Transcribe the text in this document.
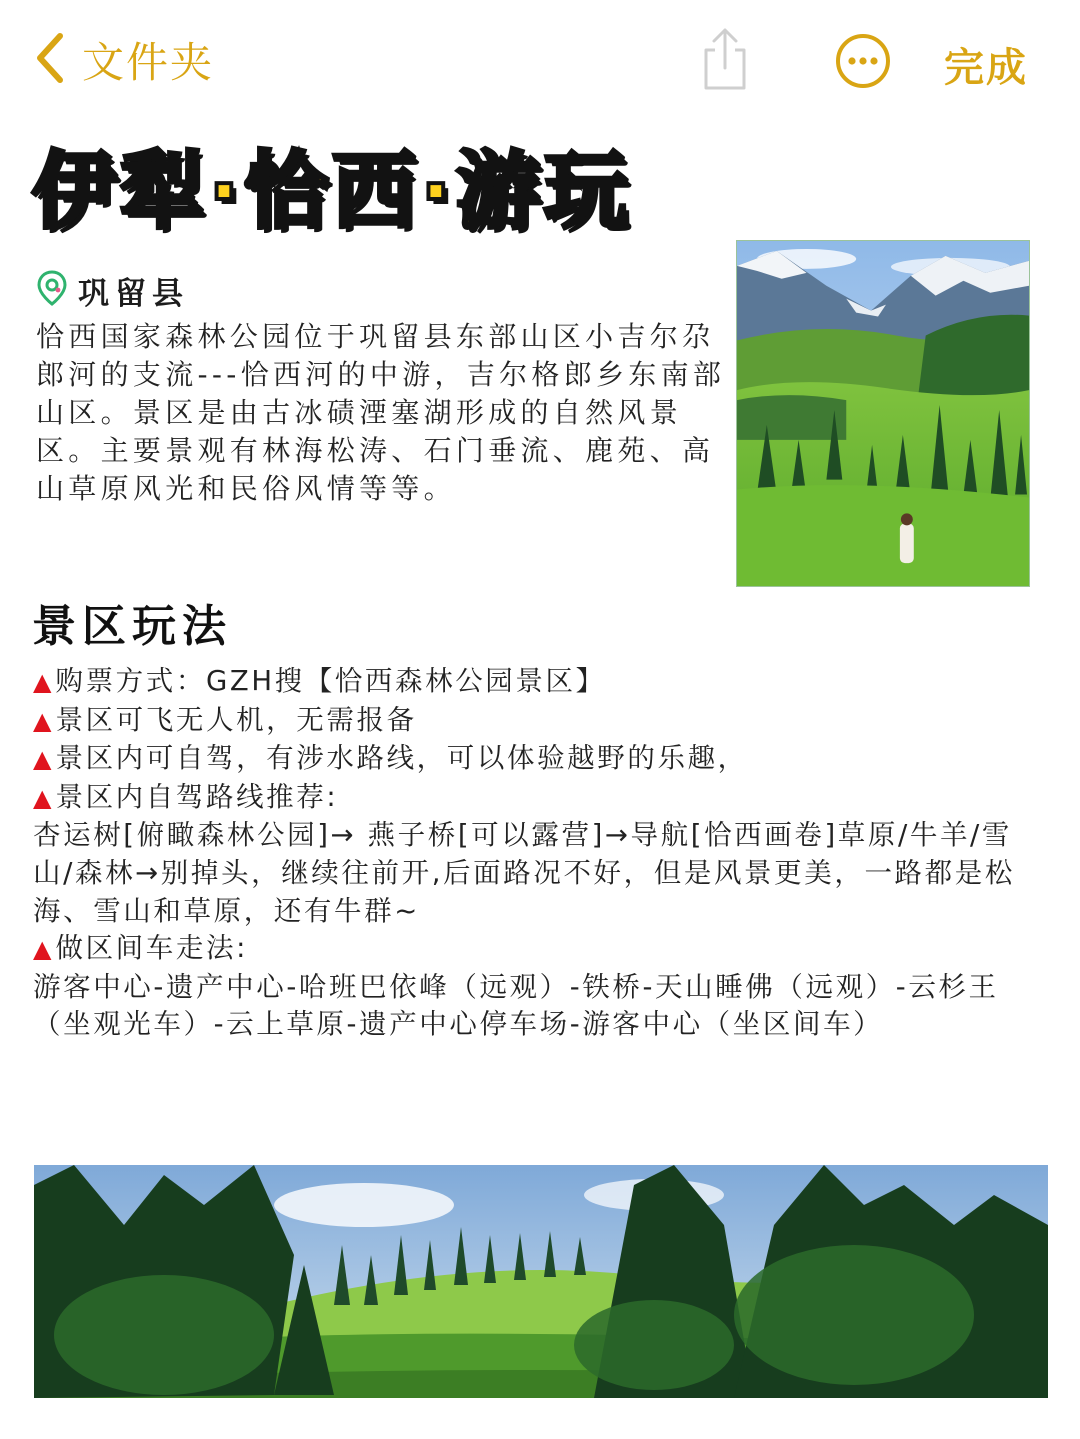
文件夹	完成
伊犁·恰西·游玩
巩留县

恰西国家森林公园位于巩留县东部山区小吉尔尕郎河的支流---恰西河的中游，吉尔格郎乡东南部山区。景区是由古冰碛湮塞湖形成的自然风景区。主要景观有林海松涛、石门垂流、鹿苑、高山草原风光和民俗风情等等。

景区玩法

▲ 购票方式：GZH搜【恰西森林公园景区】

▲ 景区可飞无人机，无需报备

▲ 景区内可自驾，有涉水路线，可以体验越野的乐趣，

▲ 景区内自驾路线推荐:

杏运树[俯瞰森林公园]→ 燕子桥[可以露营]→导航[恰西画卷]草原/牛羊/雪山/森林→别掉头，继续往前开,后面路况不好，但是风景更美，一路都是松海、雪山和草原，还有牛群~

▲ 做区间车走法:

游客中心-遗产中心-哈班巴依峰（远观）-铁桥-天山睡佛（远观）-云杉王（坐观光车）-云上草原-遗产中心停车场-游客中心（坐区间车）
